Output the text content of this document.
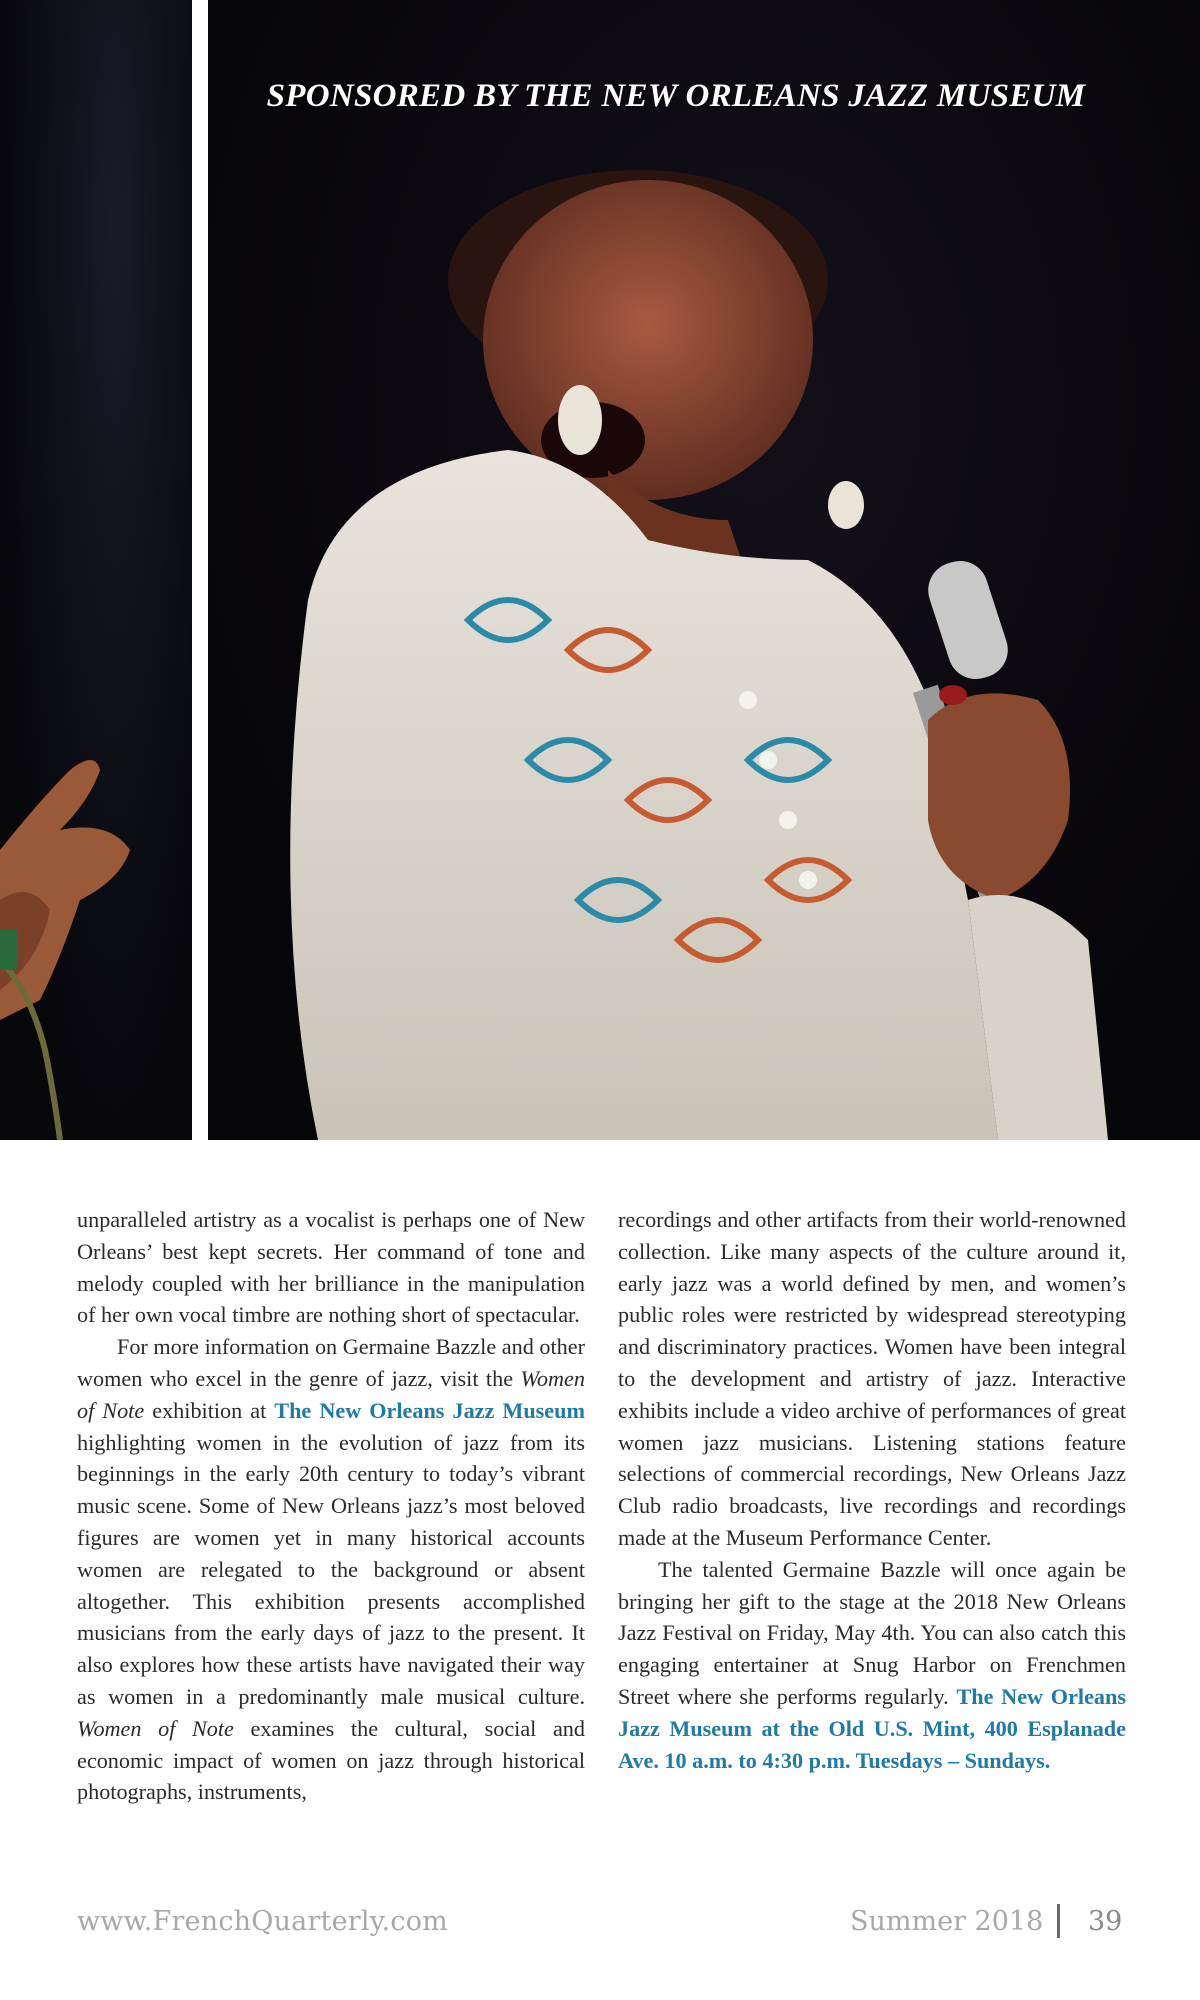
SPONSORED BY THE NEW ORLEANS JAZZ MUSEUM

unparalleled artistry as a vocalist is perhaps one of New Orleans’ best kept secrets. Her command of tone and melody coupled with her brilliance in the manipulation of her own vocal timbre are nothing short of spectacular.

For more information on Germaine Bazzle and other women who excel in the genre of jazz, visit the Women of Note exhibition at The New Orleans Jazz Museum highlighting women in the evolution of jazz from its beginnings in the early 20th century to today’s vibrant music scene. Some of New Orleans jazz’s most beloved figures are women yet in many historical accounts women are relegated to the background or absent altogether. This exhibition presents accomplished musicians from the early days of jazz to the present. It also explores how these artists have navigated their way as women in a predominantly male musical culture. Women of Note examines the cultural, social and economic impact of women on jazz through historical photographs, instruments,

recordings and other artifacts from their world-renowned collection. Like many aspects of the culture around it, early jazz was a world defined by men, and women’s public roles were restricted by widespread stereotyping and discriminatory practices. Women have been integral to the development and artistry of jazz. Interactive exhibits include a video archive of performances of great women jazz musicians. Listening stations feature selections of commercial recordings, New Orleans Jazz Club radio broadcasts, live recordings and recordings made at the Museum Performance Center.

The talented Germaine Bazzle will once again be bringing her gift to the stage at the 2018 New Orleans Jazz Festival on Friday, May 4th. You can also catch this engaging entertainer at Snug Harbor on Frenchmen Street where she performs regularly. The New Orleans Jazz Museum at the Old U.S. Mint, 400 Esplanade Ave. 10 a.m. to 4:30 p.m. Tuesdays – Sundays.

www.FrenchQuarterly.com	Summer 2018 39
